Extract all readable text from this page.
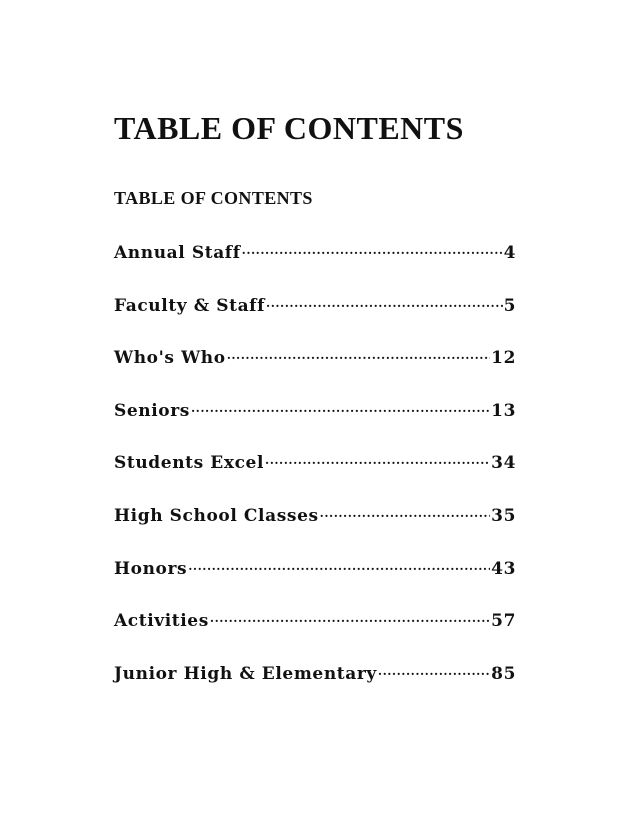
TABLE OF CONTENTS
TABLE OF CONTENTS
Annual Staff .....	4
Faculty & Staff .....	5
Who's Who .....	12
Seniors .....	13
Students Excel .....	34
High School Classes .....	35
Honors .....	43
Activities .....	57
Junior High & Elementary .....	85
